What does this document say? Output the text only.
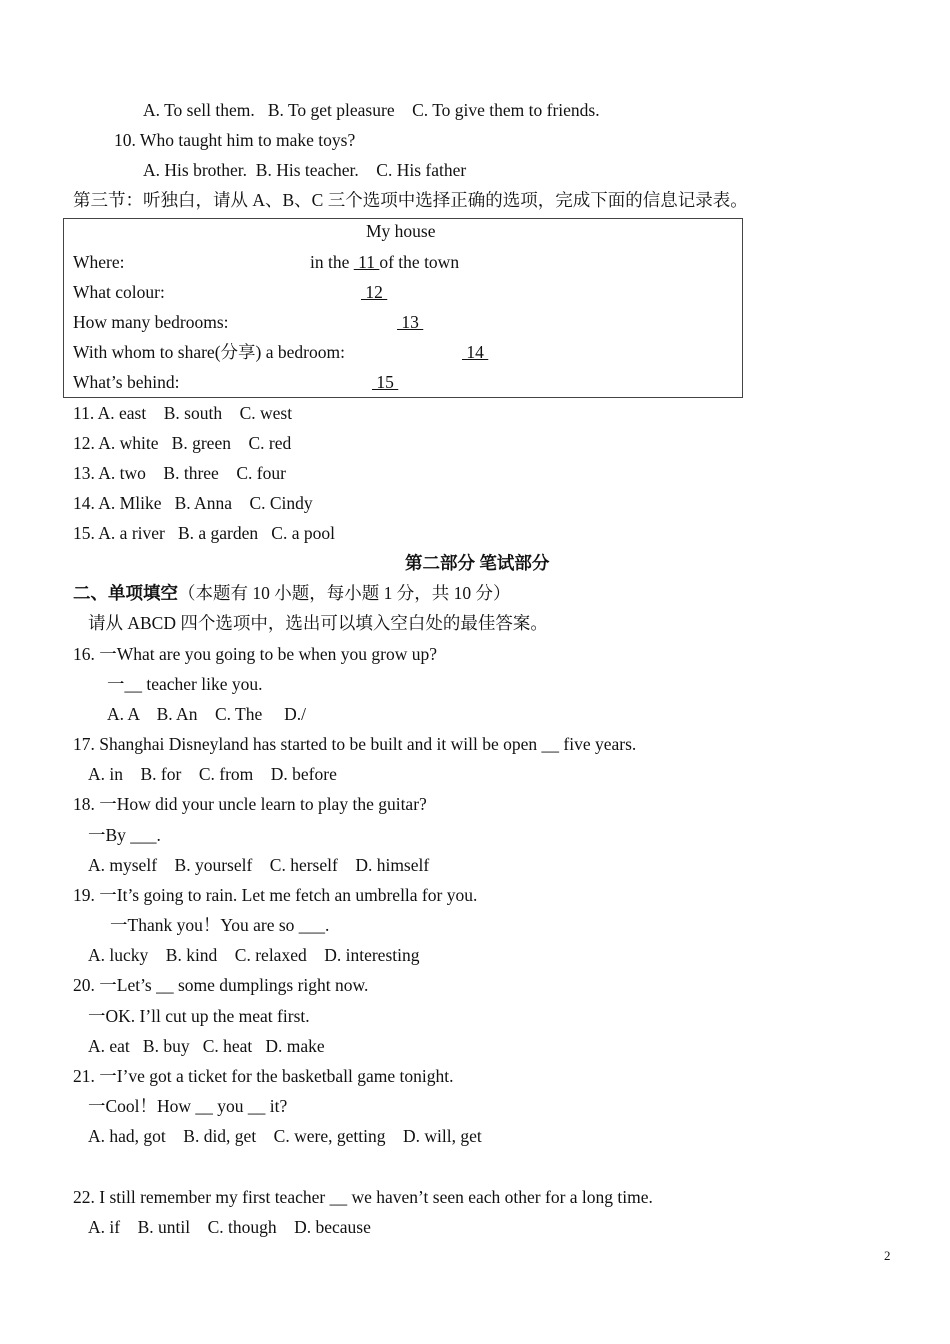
A. To sell them.   B. To get pleasure    C. To give them to friends.
10. Who taught him to make toys?
A. His brother.  B. His teacher.    C. His father
第三节：听独白，请从 A、B、C 三个选项中选择正确的选项，完成下面的信息记录表。
My house
Where:	in the  11 of the town
What colour:	12
How many bedrooms:	13
With whom to share(分享) a bedroom:	14
What’s behind:	15
11. A. east    B. south    C. west
12. A. white   B. green    C. red
13. A. two    B. three    C. four
14. A. Mlike   B. Anna    C. Cindy
15. A. a river   B. a garden   C. a pool
第二部分 笔试部分
二、单项填空（本题有 10 小题，每小题 1 分，共 10 分）
请从 ABCD 四个选项中，选出可以填入空白处的最佳答案。
16. 一What are you going to be when you grow up?
一__ teacher like you.
A. A    B. An    C. The     D./
17. Shanghai Disneyland has started to be built and it will be open __ five years.
A. in    B. for    C. from    D. before
18. 一How did your uncle learn to play the guitar?
一By ___.
A. myself    B. yourself    C. herself    D. himself
19. 一It’s going to rain. Let me fetch an umbrella for you.
一Thank you！You are so ___.
A. lucky    B. kind    C. relaxed    D. interesting
20. 一Let’s __ some dumplings right now.
一OK. I’ll cut up the meat first.
A. eat   B. buy   C. heat   D. make
21. 一I’ve got a ticket for the basketball game tonight.
一Cool！How __ you __ it?
A. had, got    B. did, get    C. were, getting    D. will, get
22. I still remember my first teacher __ we haven’t seen each other for a long time.
A. if    B. until    C. though    D. because
2
